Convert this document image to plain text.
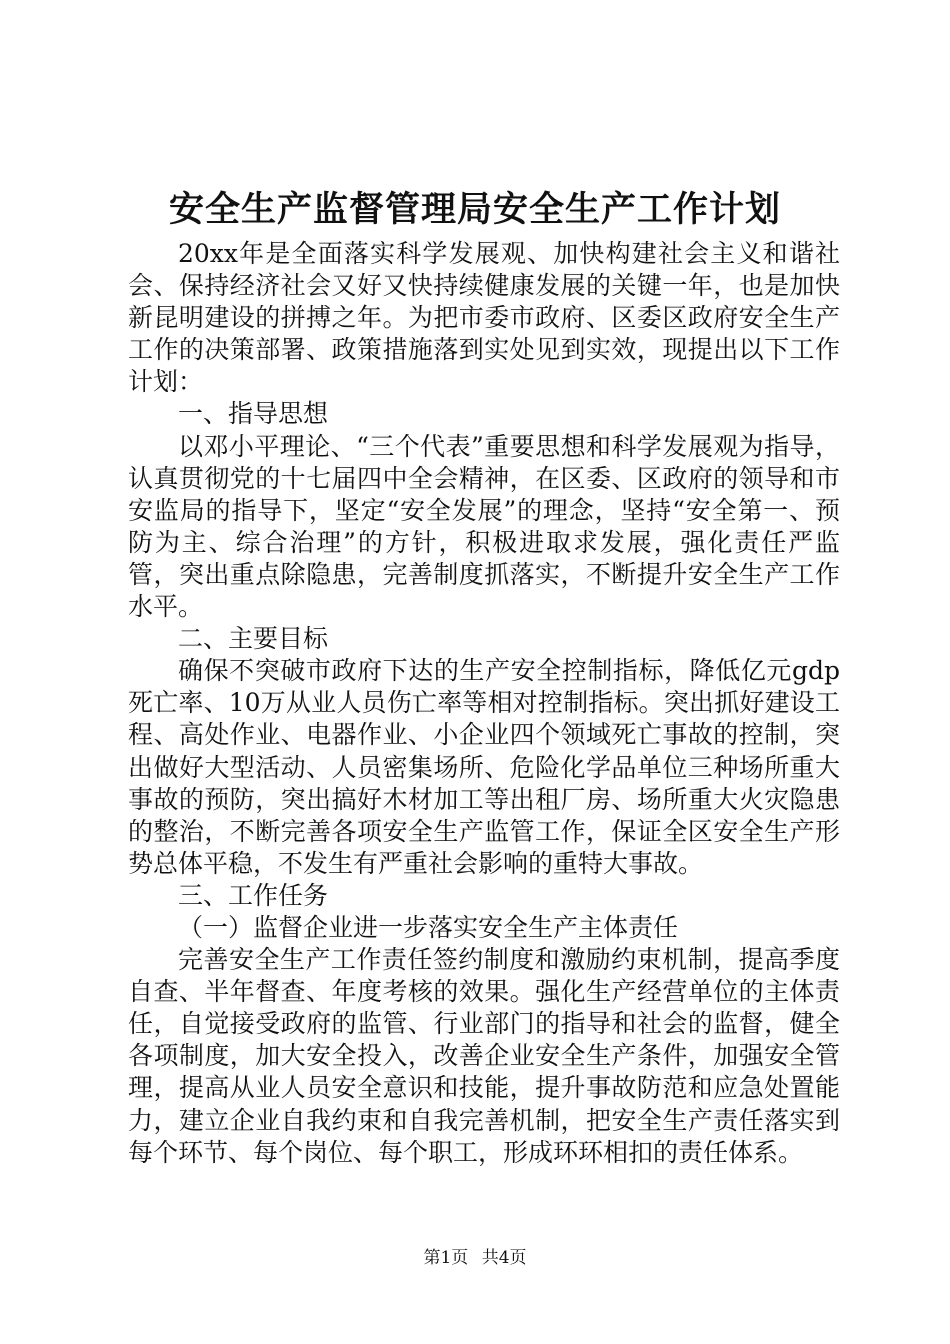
安全生产监督管理局安全生产工作计划

20xx年是全面落实科学发展观、加快构建社会主义和谐社会、保持经济社会又好又快持续健康发展的关键一年，也是加快新昆明建设的拼搏之年。为把市委市政府、区委区政府安全生产工作的决策部署、政策措施落到实处见到实效，现提出以下工作计划：

一、指导思想

以邓小平理论、“三个代表”重要思想和科学发展观为指导，认真贯彻党的十七届四中全会精神，在区委、区政府的领导和市安监局的指导下，坚定“安全发展”的理念，坚持“安全第一、预防为主、综合治理”的方针，积极进取求发展，强化责任严监管，突出重点除隐患，完善制度抓落实，不断提升安全生产工作水平。

二、主要目标

确保不突破市政府下达的生产安全控制指标，降低亿元gdp死亡率、10万从业人员伤亡率等相对控制指标。突出抓好建设工程、高处作业、电器作业、小企业四个领域死亡事故的控制，突出做好大型活动、人员密集场所、危险化学品单位三种场所重大事故的预防，突出搞好木材加工等出租厂房、场所重大火灾隐患的整治，不断完善各项安全生产监管工作，保证全区安全生产形势总体平稳，不发生有严重社会影响的重特大事故。

三、工作任务

（一）监督企业进一步落实安全生产主体责任

完善安全生产工作责任签约制度和激励约束机制，提高季度自查、半年督查、年度考核的效果。强化生产经营单位的主体责任，自觉接受政府的监管、行业部门的指导和社会的监督，健全各项制度，加大安全投入，改善企业安全生产条件，加强安全管理，提高从业人员安全意识和技能，提升事故防范和应急处置能力，建立企业自我约束和自我完善机制，把安全生产责任落实到每个环节、每个岗位、每个职工，形成环环相扣的责任体系。

第1页 共4页
